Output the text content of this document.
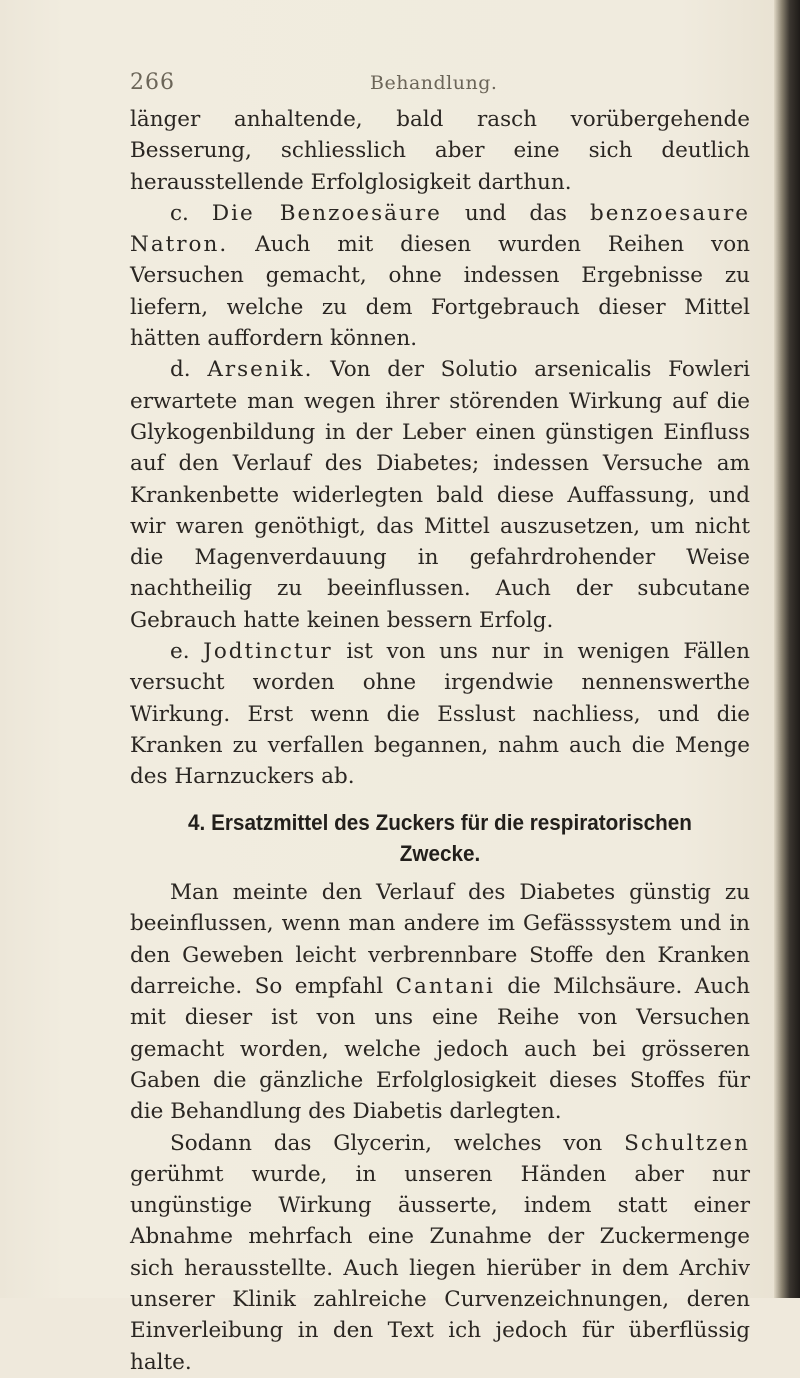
266	Behandlung.

länger anhaltende, bald rasch vorübergehende Besserung, schliesslich aber eine sich deutlich herausstellende Erfolglosigkeit darthun.

c. Die Benzoesäure und das benzoesaure Natron. Auch mit diesen wurden Reihen von Versuchen gemacht, ohne indessen Ergebnisse zu liefern, welche zu dem Fortgebrauch dieser Mittel hätten auffordern können.

d. Arsenik. Von der Solutio arsenicalis Fowleri erwartete man wegen ihrer störenden Wirkung auf die Glykogenbildung in der Leber einen günstigen Einfluss auf den Verlauf des Diabetes; indessen Versuche am Krankenbette widerlegten bald diese Auffassung, und wir waren genöthigt, das Mittel auszusetzen, um nicht die Magenverdauung in gefahrdrohender Weise nachtheilig zu beeinflussen. Auch der subcutane Gebrauch hatte keinen bessern Erfolg.

e. Jodtinctur ist von uns nur in wenigen Fällen versucht worden ohne irgendwie nennenswerthe Wirkung. Erst wenn die Esslust nachliess, und die Kranken zu verfallen begannen, nahm auch die Menge des Harnzuckers ab.

4. Ersatzmittel des Zuckers für die respiratorischen Zwecke.

Man meinte den Verlauf des Diabetes günstig zu beeinflussen, wenn man andere im Gefässsystem und in den Geweben leicht verbrennbare Stoffe den Kranken darreiche. So empfahl Cantani die Milchsäure. Auch mit dieser ist von uns eine Reihe von Versuchen gemacht worden, welche jedoch auch bei grösseren Gaben die gänzliche Erfolglosigkeit dieses Stoffes für die Behandlung des Diabetis darlegten.

Sodann das Glycerin, welches von Schultzen gerühmt wurde, in unseren Händen aber nur ungünstige Wirkung äusserte, indem statt einer Abnahme mehrfach eine Zunahme der Zuckermenge sich herausstellte. Auch liegen hierüber in dem Archiv unserer Klinik zahlreiche Curvenzeichnungen, deren Einverleibung in den Text ich jedoch für überflüssig halte.
